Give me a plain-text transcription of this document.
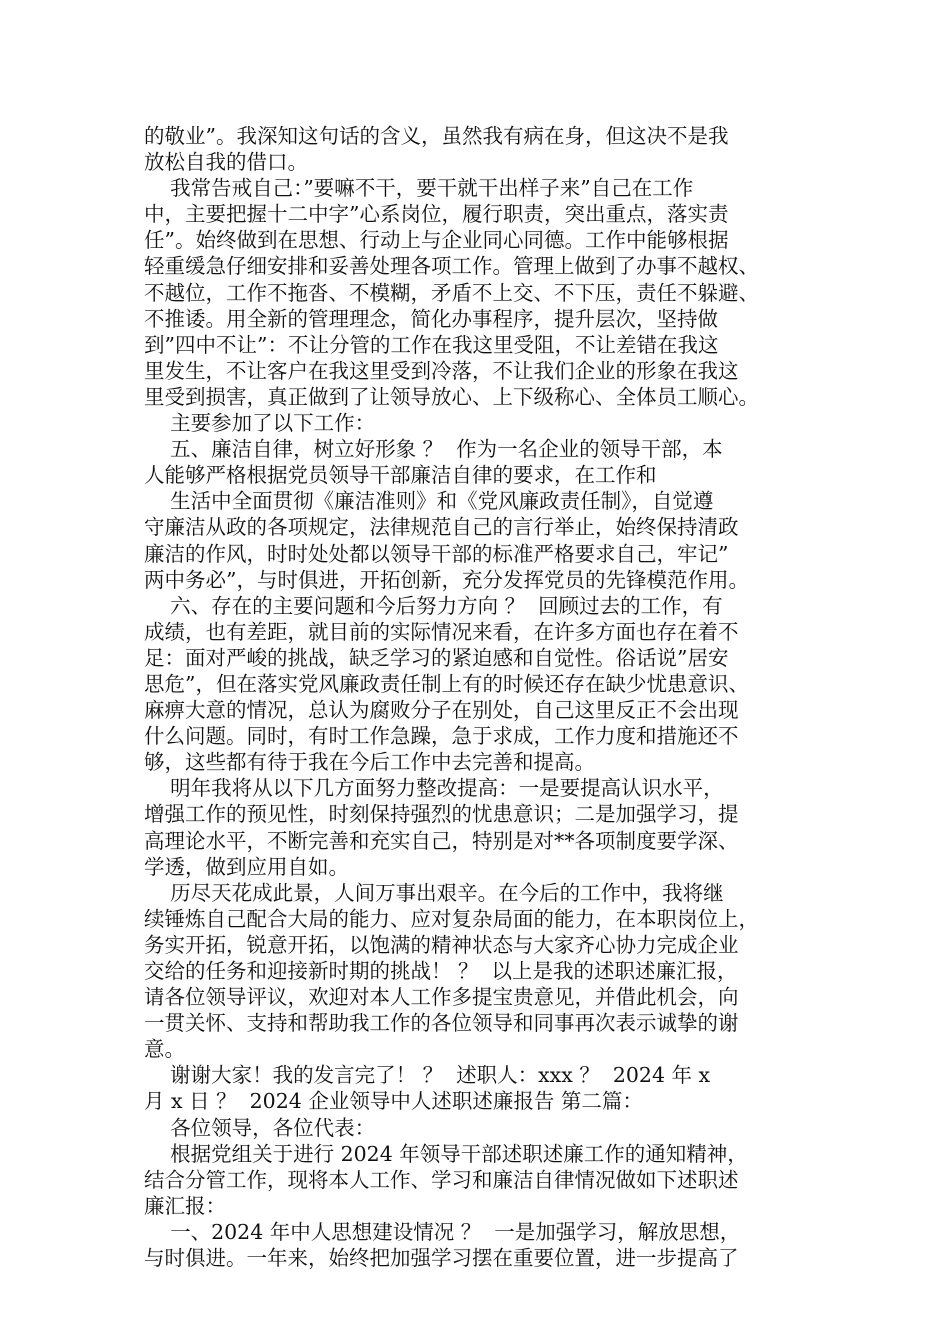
的敬业”。我深知这句话的含义，虽然我有病在身，但这决不是我
放松自我的借口。
我常告戒自己：”要嘛不干，要干就干出样子来”自己在工作
中，主要把握十二中字”心系岗位，履行职责，突出重点，落实责
任”。始终做到在思想、行动上与企业同心同德。工作中能够根据
轻重缓急仔细安排和妥善处理各项工作。管理上做到了办事不越权、
不越位，工作不拖沓、不模糊，矛盾不上交、不下压，责任不躲避、
不推诿。用全新的管理理念，简化办事程序，提升层次，坚持做
到”四中不让”：不让分管的工作在我这里受阻，不让差错在我这
里发生，不让客户在我这里受到冷落，不让我们企业的形象在我这
里受到损害，真正做到了让领导放心、上下级称心、全体员工顺心。
主要参加了以下工作：
五、廉洁自律，树立好形象 ？  作为一名企业的领导干部，本
人能够严格根据党员领导干部廉洁自律的要求，在工作和
生活中全面贯彻《廉洁准则》和《党风廉政责任制》，自觉遵
守廉洁从政的各项规定，法律规范自己的言行举止，始终保持清政
廉洁的作风，时时处处都以领导干部的标准严格要求自己，牢记”
两中务必”，与时俱进，开拓创新，充分发挥党员的先锋模范作用。
六、存在的主要问题和今后努力方向 ？  回顾过去的工作，有
成绩，也有差距，就目前的实际情况来看，在许多方面也存在着不
足：面对严峻的挑战，缺乏学习的紧迫感和自觉性。俗话说”居安
思危”，但在落实党风廉政责任制上有的时候还存在缺少忧患意识、
麻痹大意的情况，总认为腐败分子在别处，自己这里反正不会出现
什么问题。同时，有时工作急躁，急于求成，工作力度和措施还不
够，这些都有待于我在今后工作中去完善和提高。
明年我将从以下几方面努力整改提高：一是要提高认识水平，
增强工作的预见性，时刻保持强烈的忧患意识；二是加强学习，提
高理论水平，不断完善和充实自己，特别是对**各项制度要学深、
学透，做到应用自如。
历尽天花成此景，人间万事出艰辛。在今后的工作中，我将继
续锤炼自己配合大局的能力、应对复杂局面的能力，在本职岗位上，
务实开拓，锐意开拓，以饱满的精神状态与大家齐心协力完成企业
交给的任务和迎接新时期的挑战！ ？  以上是我的述职述廉汇报，
请各位领导评议，欢迎对本人工作多提宝贵意见，并借此机会，向
一贯关怀、支持和帮助我工作的各位领导和同事再次表示诚挚的谢
意。
谢谢大家！我的发言完了！ ？  述职人：xxx ？  2024 年 x
月 x 日 ？  2024 企业领导中人述职述廉报告 第二篇：
各位领导，各位代表：
根据党组关于进行 2024 年领导干部述职述廉工作的通知精神，
结合分管工作，现将本人工作、学习和廉洁自律情况做如下述职述
廉汇报：
一、2024 年中人思想建设情况 ？  一是加强学习，解放思想，
与时俱进。一年来，始终把加强学习摆在重要位置，进一步提高了
